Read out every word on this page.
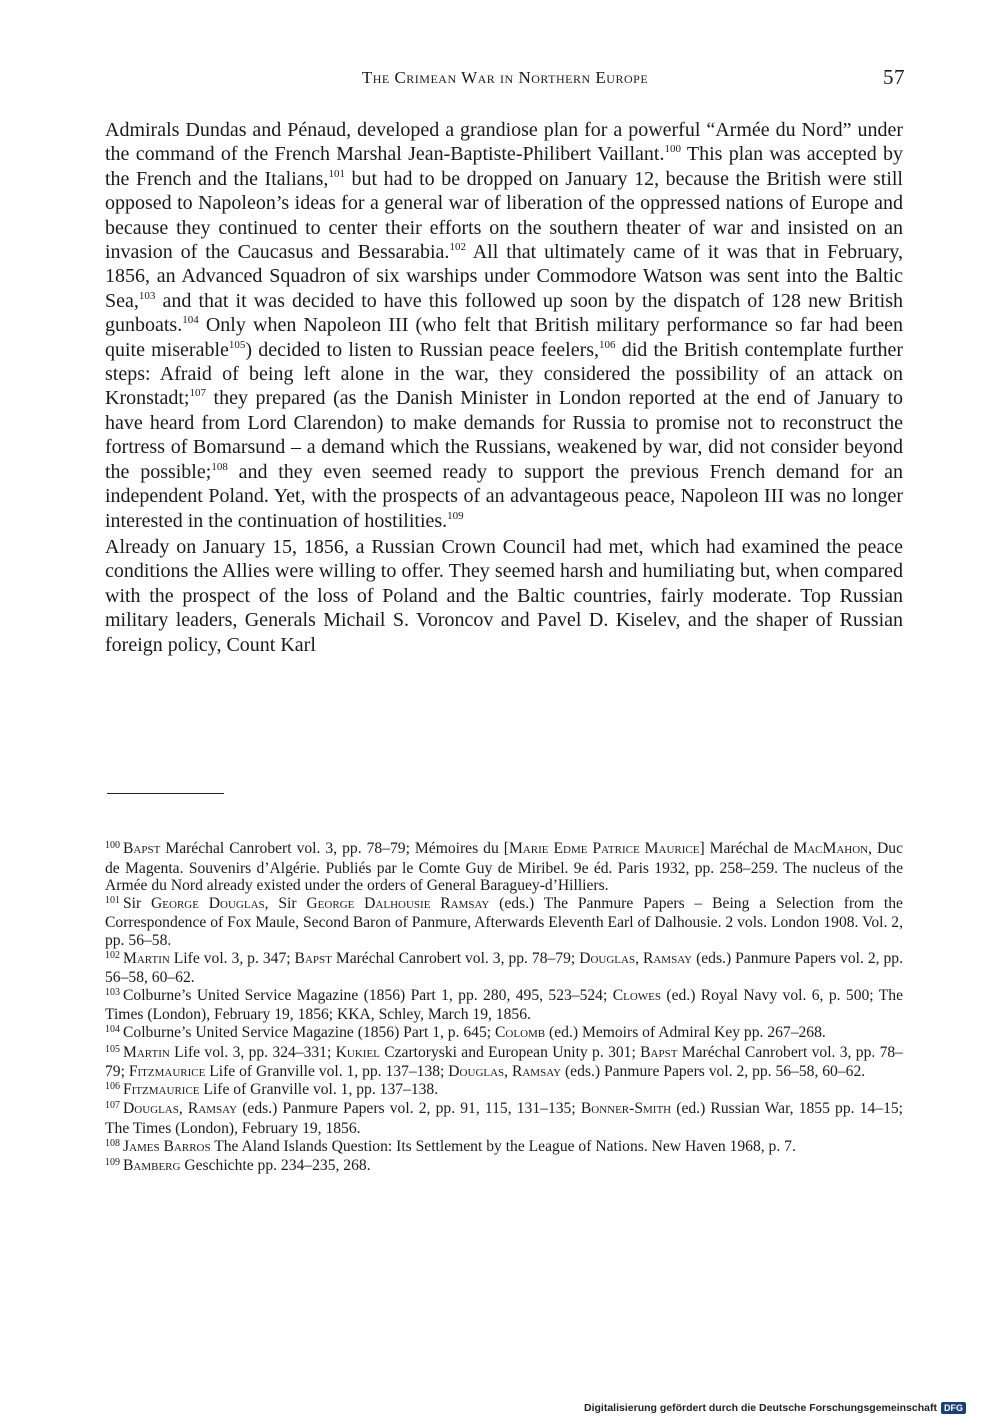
The Crimean War in Northern Europe	57

Admirals Dundas and Pénaud, developed a grandiose plan for a powerful “Armée du Nord” under the command of the French Marshal Jean-Baptiste-Philibert Vaillant.$^{100}$ This plan was accepted by the French and the Italians,$^{101}$ but had to be dropped on January 12, because the British were still opposed to Napoleon’s ideas for a general war of liberation of the oppressed nations of Europe and because they continued to center their efforts on the southern theater of war and insisted on an invasion of the Caucasus and Bessarabia.$^{102}$ All that ultimately came of it was that in February, 1856, an Advanced Squadron of six warships under Commodore Watson was sent into the Baltic Sea,$^{103}$ and that it was decided to have this followed up soon by the dispatch of 128 new British gunboats.$^{104}$ Only when Napoleon III (who felt that British military performance so far had been quite miserable$^{105}$) decided to listen to Russian peace feelers,$^{106}$ did the British contemplate further steps: Afraid of being left alone in the war, they considered the possibility of an attack on Kronstadt;$^{107}$ they prepared (as the Danish Minister in London reported at the end of January to have heard from Lord Clarendon) to make demands for Russia to promise not to reconstruct the fortress of Bomarsund – a demand which the Russians, weakened by war, did not consider beyond the possible;$^{108}$ and they even seemed ready to support the previous French demand for an independent Poland. Yet, with the prospects of an advantageous peace, Napoleon III was no longer interested in the continuation of hostilities.$^{109}$

Already on January 15, 1856, a Russian Crown Council had met, which had examined the peace conditions the Allies were willing to offer. They seemed harsh and humiliating but, when compared with the prospect of the loss of Poland and the Baltic countries, fairly moderate. Top Russian military leaders, Generals Michail S. Voroncov and Pavel D. Kiselev, and the shaper of Russian foreign policy, Count Karl

$^{100}$ Bapst Maréchal Canrobert vol. 3, pp. 78–79; Mémoires du [Marie Edme Patrice Maurice] Maréchal de MacMahon, Duc de Magenta. Souvenirs d’Algérie. Publiés par le Comte Guy de Miribel. 9e éd. Paris 1932, pp. 258–259. The nucleus of the Armée du Nord already existed under the orders of General Baraguey-d’Hilliers.

$^{101}$ Sir George Douglas, Sir George Dalhousie Ramsay (eds.) The Panmure Papers – Being a Selection from the Correspondence of Fox Maule, Second Baron of Panmure, Afterwards Eleventh Earl of Dalhousie. 2 vols. London 1908. Vol. 2, pp. 56–58.

$^{102}$ Martin Life vol. 3, p. 347; Bapst Maréchal Canrobert vol. 3, pp. 78–79; Douglas, Ramsay (eds.) Panmure Papers vol. 2, pp. 56–58, 60–62.

$^{103}$ Colburne’s United Service Magazine (1856) Part 1, pp. 280, 495, 523–524; Clowes (ed.) Royal Navy vol. 6, p. 500; The Times (London), February 19, 1856; KKA, Schley, March 19, 1856.

$^{104}$ Colburne’s United Service Magazine (1856) Part 1, p. 645; Colomb (ed.) Memoirs of Admiral Key pp. 267–268.

$^{105}$ Martin Life vol. 3, pp. 324–331; Kukiel Czartoryski and European Unity p. 301; Bapst Maréchal Canrobert vol. 3, pp. 78–79; Fitzmaurice Life of Granville vol. 1, pp. 137–138; Douglas, Ramsay (eds.) Panmure Papers vol. 2, pp. 56–58, 60–62.

$^{106}$ Fitzmaurice Life of Granville vol. 1, pp. 137–138.

$^{107}$ Douglas, Ramsay (eds.) Panmure Papers vol. 2, pp. 91, 115, 131–135; Bonner-Smith (ed.) Russian War, 1855 pp. 14–15; The Times (London), February 19, 1856.

$^{108}$ James Barros The Aland Islands Question: Its Settlement by the League of Nations. New Haven 1968, p. 7.

$^{109}$ Bamberg Geschichte pp. 234–235, 268.

Digitalisierung gefördert durch die Deutsche Forschungsgemeinschaft DFG
